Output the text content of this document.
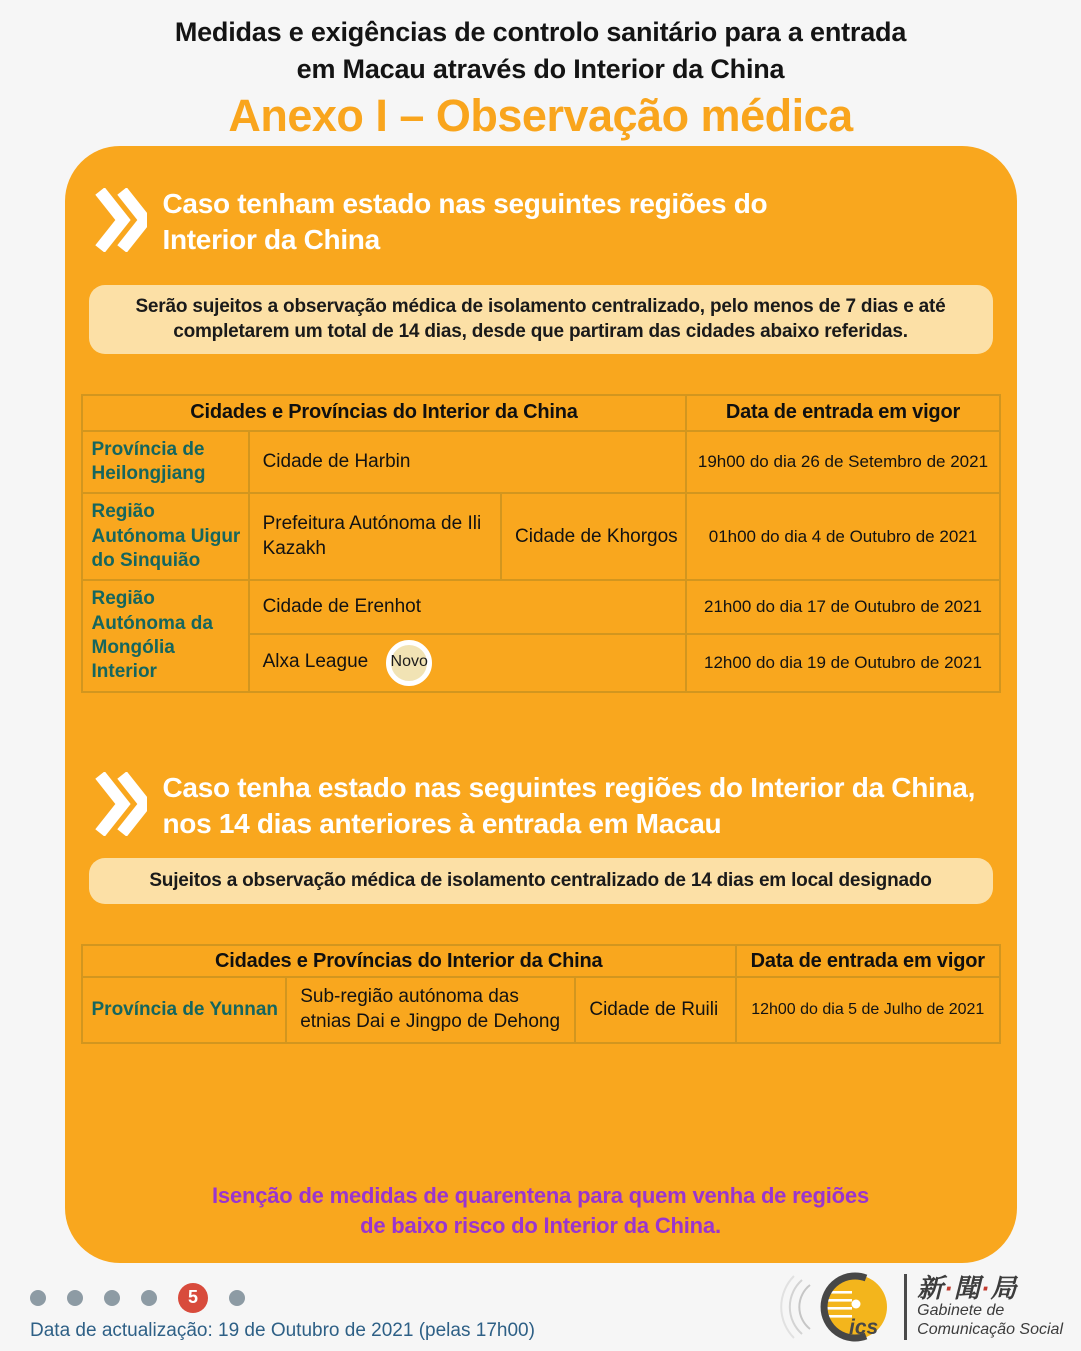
Medidas e exigências de controlo sanitário para a entrada
em Macau através do Interior da China
Anexo I – Observação médica
Caso tenham estado nas seguintes regiões do Interior da China
Serão sujeitos a observação médica de isolamento centralizado, pelo menos de 7 dias e até completarem um total de 14 dias, desde que partiram das cidades abaixo referidas.
Cidades e Províncias do Interior da China			Data de entrada em vigor
Província de Heilongjiang	Cidade de Harbin		19h00 do dia 26 de Setembro de 2021
Região Autónoma Uigur do Sinquião	Prefeitura Autónoma de Ili Kazakh	Cidade de Khorgos	01h00 do dia 4 de Outubro de 2021
Região Autónoma da Mongólia Interior	Cidade de Erenhot		21h00 do dia 17 de Outubro de 2021

	Alxa League Novo		12h00 do dia 19 de Outubro de 2021
Caso tenha estado nas seguintes regiões do Interior da China, nos 14 dias anteriores à entrada em Macau
Sujeitos a observação médica de isolamento centralizado de 14 dias em local designado
Cidades e Províncias do Interior da China			Data de entrada em vigor
Província de Yunnan	Sub-região autónoma das etnias Dai e Jingpo de Dehong	Cidade de Ruili	12h00 do dia 5 de Julho de 2021
Isenção de medidas de quarentena para quem venha de regiões de baixo risco do Interior da China.
5
Data de actualização: 19 de Outubro de 2021 (pelas 17h00)	ics
新·聞·局
Gabinete de
Comunicação Social
